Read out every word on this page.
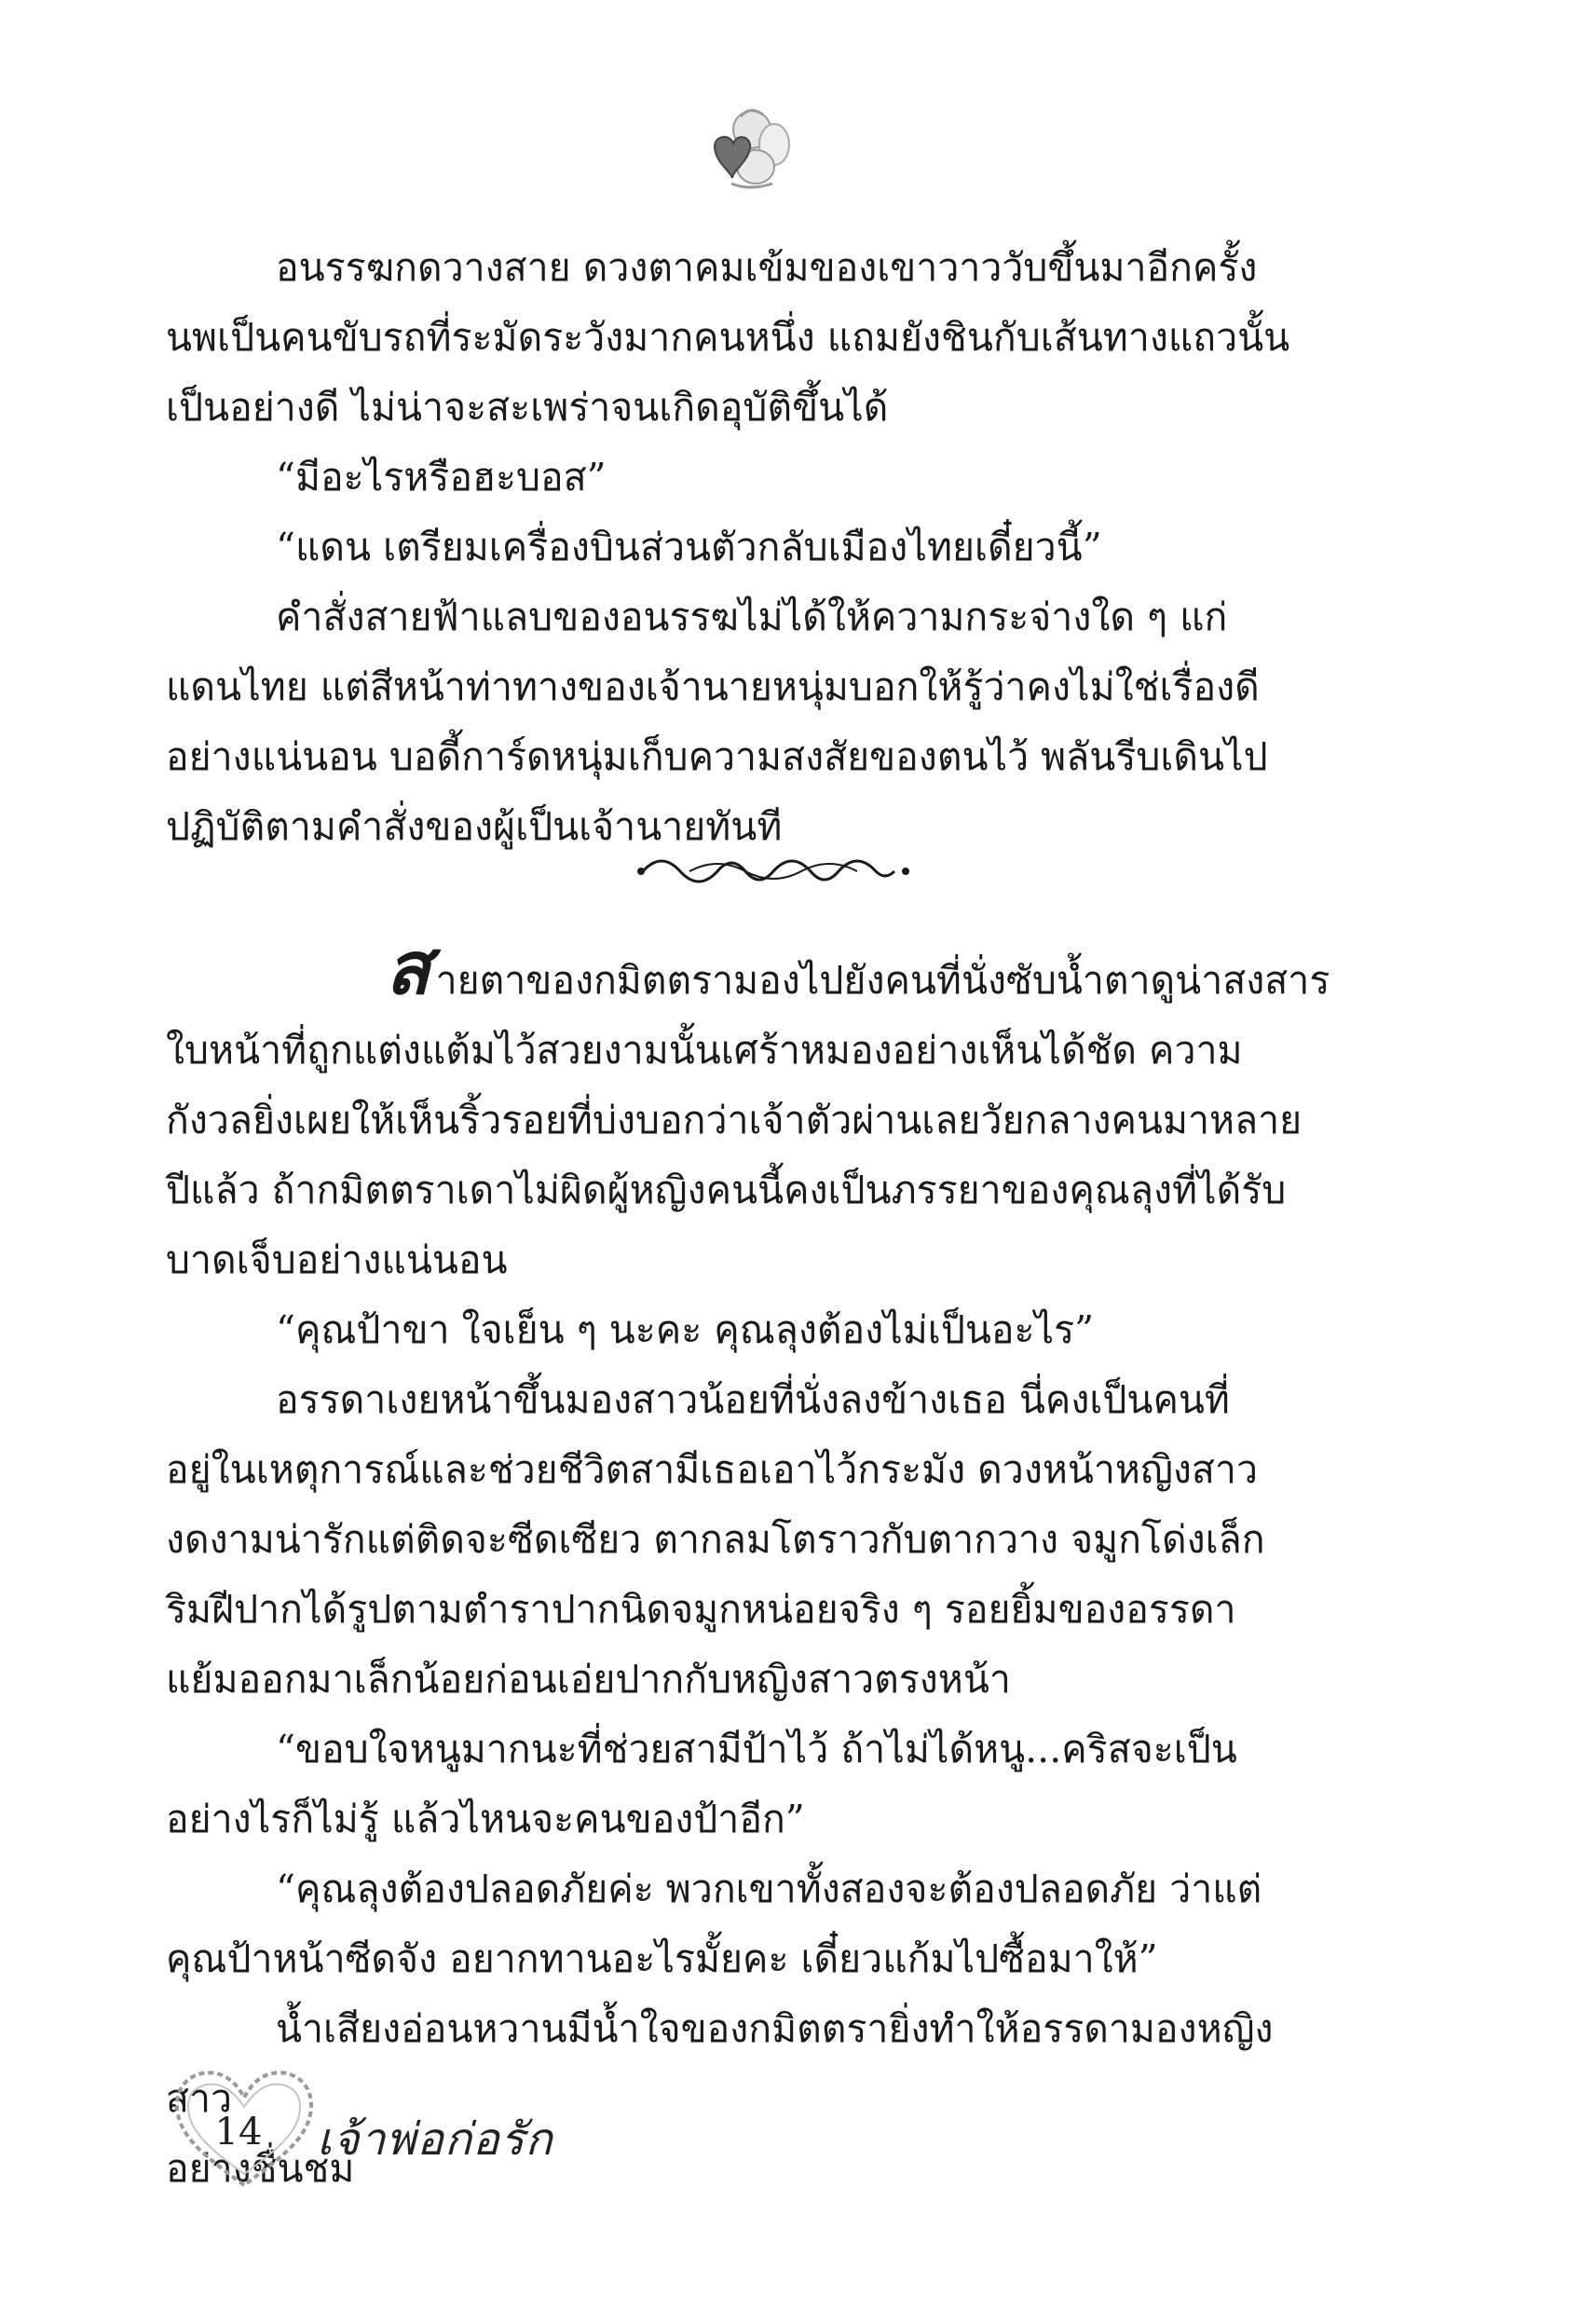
อนรรฆกดวางสาย ดวงตาคมเข้มของเขาวาววับขึ้นมาอีกครั้ง

นพเป็นคนขับรถที่ระมัดระวังมากคนหนึ่ง แถมยังชินกับเส้นทางแถวนั้น

เป็นอย่างดี ไม่น่าจะสะเพร่าจนเกิดอุบัติขึ้นได้

“มีอะไรหรือฮะบอส”

“แดน เตรียมเครื่องบินส่วนตัวกลับเมืองไทยเดี๋ยวนี้”

คำสั่งสายฟ้าแลบของอนรรฆไม่ได้ให้ความกระจ่างใด ๆ แก่

แดนไทย แต่สีหน้าท่าทางของเจ้านายหนุ่มบอกให้รู้ว่าคงไม่ใช่เรื่องดี

อย่างแน่นอน บอดี้การ์ดหนุ่มเก็บความสงสัยของตนไว้ พลันรีบเดินไป

ปฏิบัติตามคำสั่งของผู้เป็นเจ้านายทันที

สายตาของกมิตตรามองไปยังคนที่นั่งซับน้ำตาดูน่าสงสาร

ใบหน้าที่ถูกแต่งแต้มไว้สวยงามนั้นเศร้าหมองอย่างเห็นได้ชัด ความ

กังวลยิ่งเผยให้เห็นริ้วรอยที่บ่งบอกว่าเจ้าตัวผ่านเลยวัยกลางคนมาหลาย

ปีแล้ว ถ้ากมิตตราเดาไม่ผิดผู้หญิงคนนี้คงเป็นภรรยาของคุณลุงที่ได้รับ

บาดเจ็บอย่างแน่นอน

“คุณป้าขา ใจเย็น ๆ นะคะ คุณลุงต้องไม่เป็นอะไร”

อรรดาเงยหน้าขึ้นมองสาวน้อยที่นั่งลงข้างเธอ นี่คงเป็นคนที่

อยู่ในเหตุการณ์และช่วยชีวิตสามีเธอเอาไว้กระมัง ดวงหน้าหญิงสาว

งดงามน่ารักแต่ติดจะซีดเซียว ตากลมโตราวกับตากวาง จมูกโด่งเล็ก

ริมฝีปากได้รูปตามตำราปากนิดจมูกหน่อยจริง ๆ รอยยิ้มของอรรดา

แย้มออกมาเล็กน้อยก่อนเอ่ยปากกับหญิงสาวตรงหน้า

“ขอบใจหนูมากนะที่ช่วยสามีป้าไว้ ถ้าไม่ได้หนู...คริสจะเป็น

อย่างไรก็ไม่รู้ แล้วไหนจะคนของป้าอีก”

“คุณลุงต้องปลอดภัยค่ะ พวกเขาทั้งสองจะต้องปลอดภัย ว่าแต่

คุณป้าหน้าซีดจัง อยากทานอะไรมั้ยคะ เดี๋ยวแก้มไปซื้อมาให้”

น้ำเสียงอ่อนหวานมีน้ำใจของกมิตตรายิ่งทำให้อรรดามองหญิงสาว

อย่างชื่นชม

14	เจ้าพ่อก่อรัก
